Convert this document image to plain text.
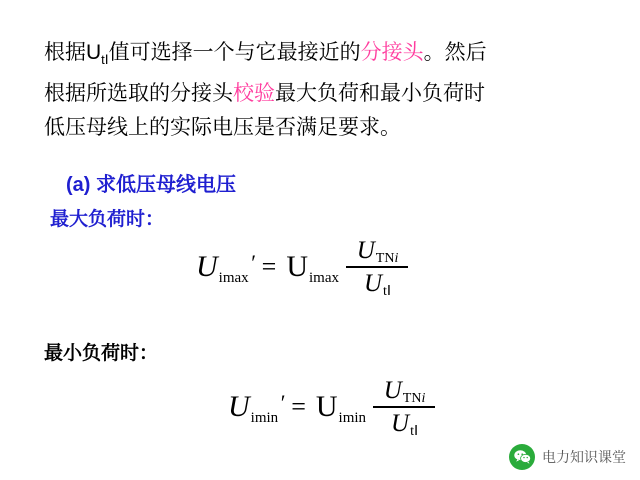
根据$U_{tⅠ}$值可选择一个与它最接近的分接头。然后
根据所选取的分接头校验最大负荷和最小负荷时
低压母线上的实际电压是否满足要求。
(a) 求低压母线电压
最大负荷时：
最小负荷时：
U ′
imax = U imax $\frac{\text{U TN i}}{\text{U tⅠ}}$
U ′
imin = U imin $\frac{\text{U TN i}}{\text{U tⅠ}}$
电力知识课堂
